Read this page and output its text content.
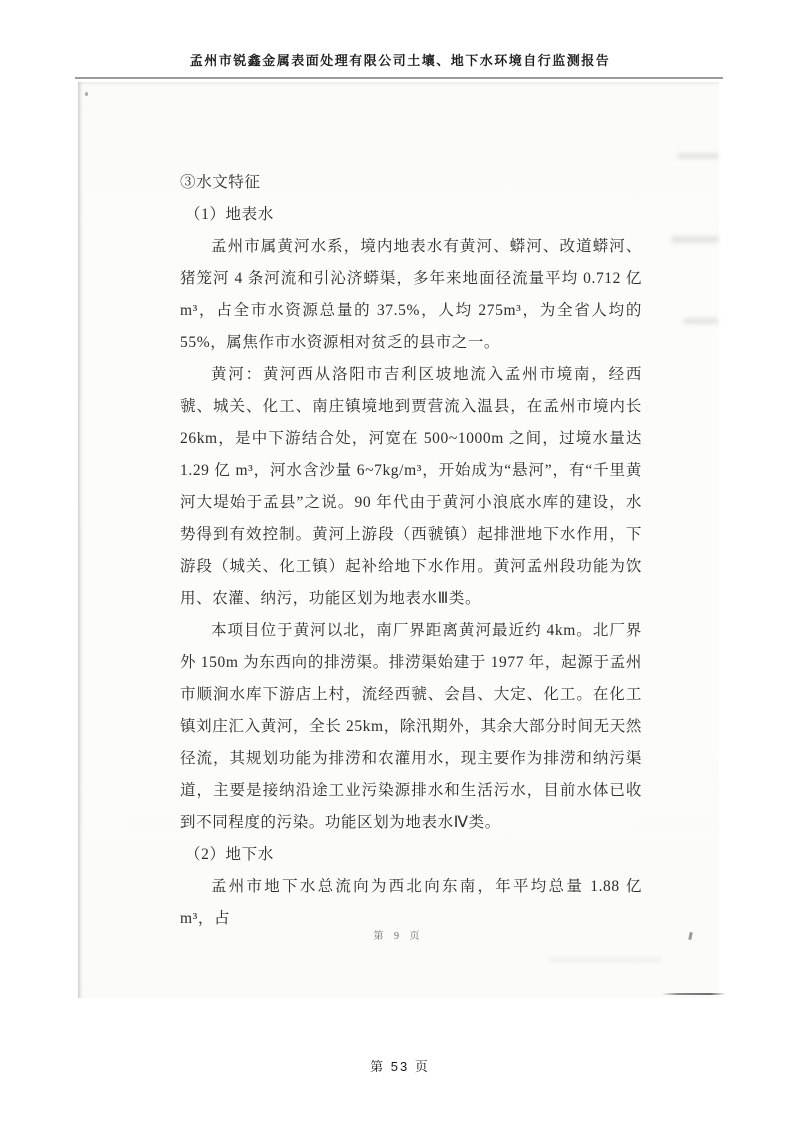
孟州市锐鑫金属表面处理有限公司土壤、地下水环境自行监测报告

③水文特征

（1）地表水

孟州市属黄河水系，境内地表水有黄河、蟒河、改道蟒河、猪笼河 4 条河流和引沁济蟒渠，多年来地面径流量平均 0.712 亿 m³，占全市水资源总量的 37.5%，人均 275m³，为全省人均的 55%，属焦作市水资源相对贫乏的县市之一。

黄河：黄河西从洛阳市吉利区坡地流入孟州市境南，经西虢、城关、化工、南庄镇境地到贾营流入温县，在孟州市境内长 26km，是中下游结合处，河宽在 500~1000m 之间，过境水量达 1.29 亿 m³，河水含沙量 6~7kg/m³，开始成为“悬河”，有“千里黄河大堤始于孟县”之说。90 年代由于黄河小浪底水库的建设，水势得到有效控制。黄河上游段（西虢镇）起排泄地下水作用，下游段（城关、化工镇）起补给地下水作用。黄河孟州段功能为饮用、农灌、纳污，功能区划为地表水Ⅲ类。

本项目位于黄河以北，南厂界距离黄河最近约 4km。北厂界外 150m 为东西向的排涝渠。排涝渠始建于 1977 年，起源于孟州市顺涧水库下游店上村，流经西虢、会昌、大定、化工。在化工镇刘庄汇入黄河，全长 25km，除汛期外，其余大部分时间无天然径流，其规划功能为排涝和农灌用水，现主要作为排涝和纳污渠道，主要是接纳沿途工业污染源排水和生活污水，目前水体已收到不同程度的污染。功能区划为地表水Ⅳ类。

（2）地下水

孟州市地下水总流向为西北向东南，年平均总量 1.88 亿 m³，占

第 9 页
第 53 页
